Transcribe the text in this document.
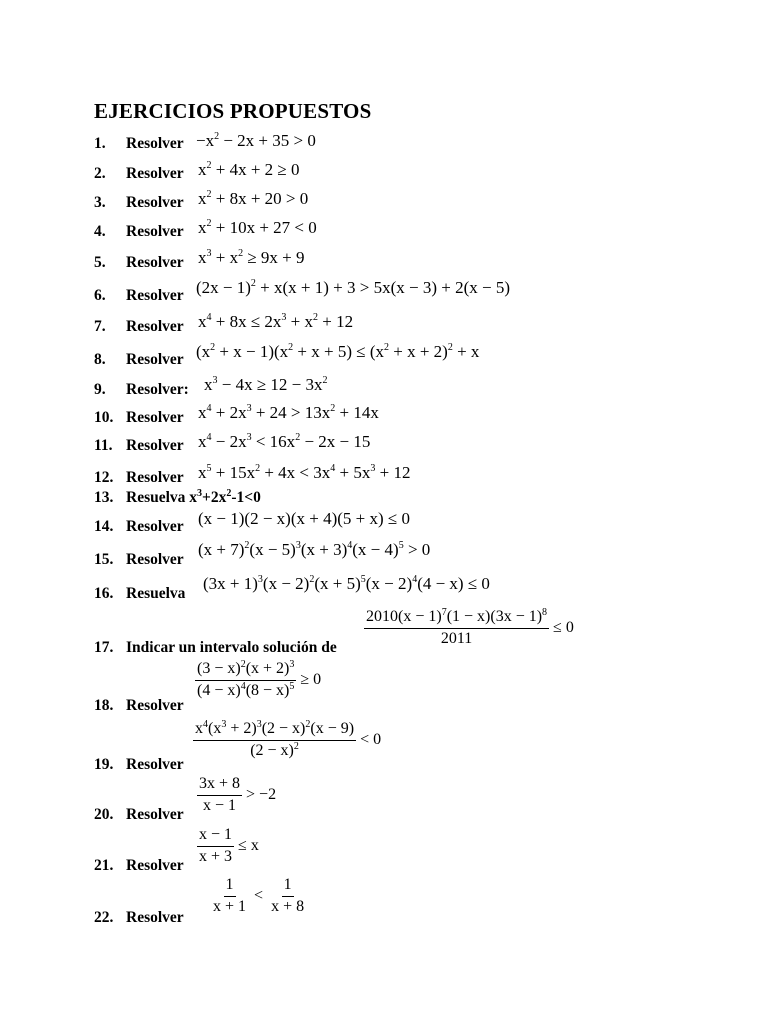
EJERCICIOS PROPUESTOS
1.	Resolver $-x^2 - 2x + 35 > 0$
2.	Resolver $x^2 + 4x + 2 \ge 0$
3.	Resolver $x^2 + 8x + 20 > 0$
4.	Resolver $x^2 + 10x + 27 < 0$
5.	Resolver $x^3 + x^2 \ge 9x + 9$
6.	Resolver $(2x - 1)^2 + x(x + 1) + 3 > 5x(x - 3) + 2(x - 5)$
7.	Resolver $x^4 + 8x \le 2x^3 + x^2 + 12$
8.	Resolver $(x^2 + x - 1)(x^2 + x + 5) \le (x^2 + x + 2)^2 + x$
9.	Resolver: $x^3 - 4x \ge 12 - 3x^2$
10. Resolver $x^4 + 2x^3 + 24 > 13x^2 + 14x$
11. Resolver $x^4 - 2x^3 < 16x^2 - 2x - 15$
12. Resolver $x^5 + 15x^2 + 4x < 3x^4 + 5x^3 + 12$
13. Resuelva $x^3+2x^2-1<0$
14. Resolver (x − 1)(2 − x)(x + 4)(5 + x) ≤ 0
15. Resolver
$(x + 7)^2(x - 5)^3(x + 3)^4(x - 4)^5 > 0$
16. Resuelva
$(3x + 1)^3(x - 2)^2(x + 5)^5(x - 2)^4(4 - x) \le 0$
17. Indicar un intervalo solución de $\frac{2010(x - 1)^7(1 - x)(3x - 1)^8}{2011} \le 0$
18. Resolver
$\frac{(3 - x)^2(x + 2)^3}{(4 - x)^4(8 - x)^5} \ge 0$
19. Resolver
$x^4(x^3 + 2)^3(2 - x)^2(x - 9)$
$(2 - x)^2$	< 0
20. Resolver
3x + 8
x − 1
> −2
21. Resolver $\frac{x - 1}{x + 3} \le x$
22. Resolver
1
x + 1
<
1
x + 8
